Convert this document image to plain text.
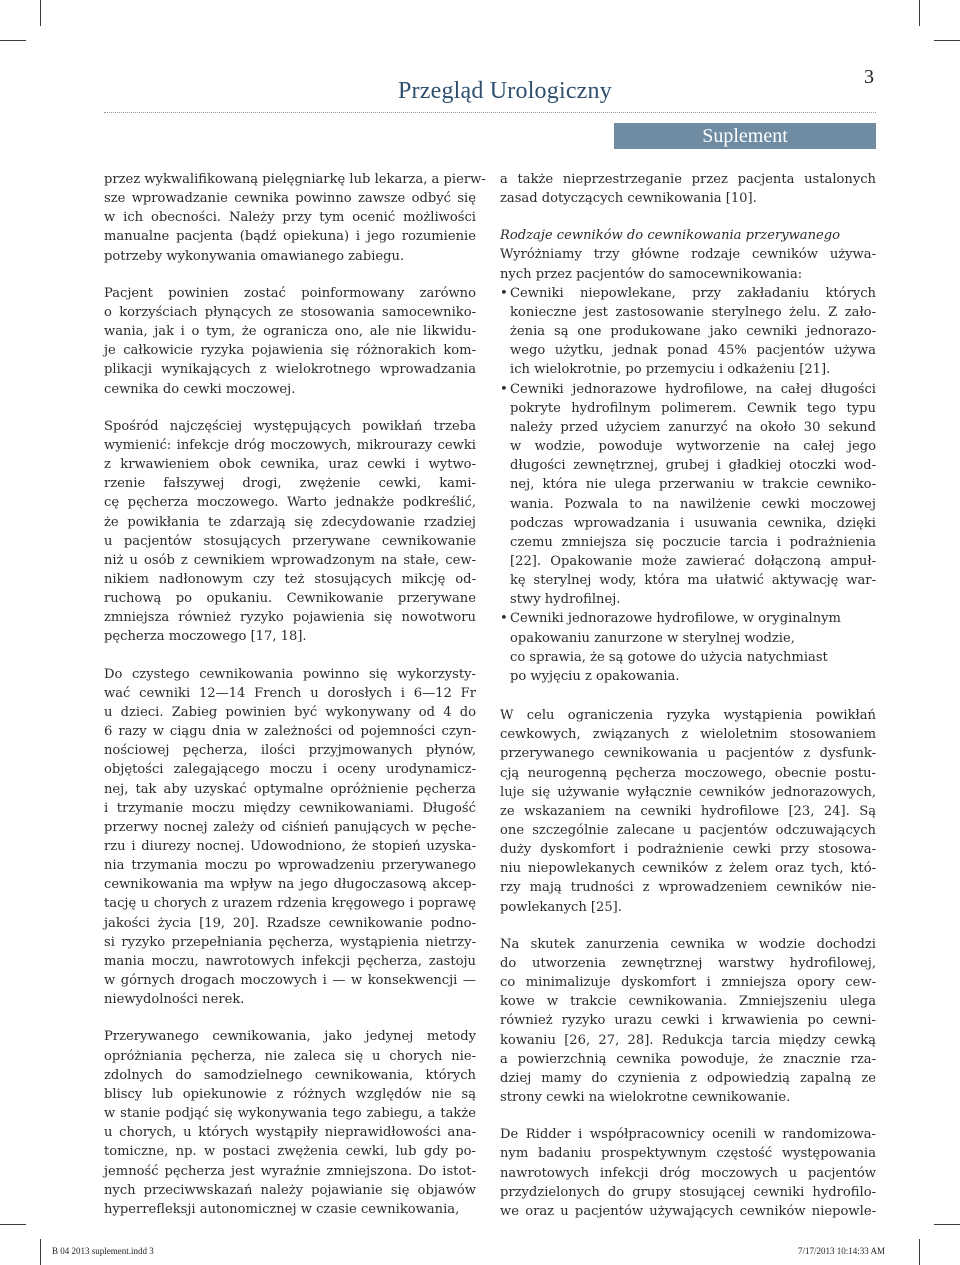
Przegląd Urologiczny
3
Suplement

przez wykwalifikowaną pielęgniarkę lub lekarza, a pierw-
sze wprowadzanie cewnika powinno zawsze odbyć się
w ich obecności. Należy przy tym ocenić możliwości
manualne pacjenta (bądź opiekuna) i jego rozumienie
potrzeby wykonywania omawianego zabiegu.

Pacjent powinien zostać poinformowany zarówno
o korzyściach płynących ze stosowania samocewniko-
wania, jak i o tym, że ogranicza ono, ale nie likwidu-
je całkowicie ryzyka pojawienia się różnorakich kom-
plikacji wynikających z wielokrotnego wprowadzania
cewnika do cewki moczowej.

Spośród najczęściej występujących powikłań trzeba
wymienić: infekcje dróg moczowych, mikrourazy cewki
z krwawieniem obok cewnika, uraz cewki i wytwo-
rzenie fałszywej drogi, zwężenie cewki, kami-
cę pęcherza moczowego. Warto jednakże podkreślić,
że powikłania te zdarzają się zdecydowanie rzadziej
u pacjentów stosujących przerywane cewnikowanie
niż u osób z cewnikiem wprowadzonym na stałe, cew-
nikiem nadłonowym czy też stosujących mikcję od-
ruchową po opukaniu. Cewnikowanie przerywane
zmniejsza również ryzyko pojawienia się nowotworu
pęcherza moczowego [17, 18].

Do czystego cewnikowania powinno się wykorzysty-
wać cewniki 12—14 French u dorosłych i 6—12 Fr
u dzieci. Zabieg powinien być wykonywany od 4 do
6 razy w ciągu dnia w zależności od pojemności czyn-
nościowej pęcherza, ilości przyjmowanych płynów,
objętości zalegającego moczu i oceny urodynamicz-
nej, tak aby uzyskać optymalne opróżnienie pęcherza
i trzymanie moczu między cewnikowaniami. Długość
przerwy nocnej zależy od ciśnień panujących w pęche-
rzu i diurezy nocnej. Udowodniono, że stopień uzyska-
nia trzymania moczu po wprowadzeniu przerywanego
cewnikowania ma wpływ na jego długoczasową akcep-
tację u chorych z urazem rdzenia kręgowego i poprawę
jakości życia [19, 20]. Rzadsze cewnikowanie podno-
si ryzyko przepełniania pęcherza, wystąpienia nietrzy-
mania moczu, nawrotowych infekcji pęcherza, zastoju
w górnych drogach moczowych i — w konsekwencji —
niewydolności nerek.

Przerywanego cewnikowania, jako jedynej metody
opróżniania pęcherza, nie zaleca się u chorych nie-
zdolnych do samodzielnego cewnikowania, których
bliscy lub opiekunowie z różnych względów nie są
w stanie podjąć się wykonywania tego zabiegu, a także
u chorych, u których wystąpiły nieprawidłowości ana-
tomiczne, np. w postaci zwężenia cewki, lub gdy po-
jemność pęcherza jest wyraźnie zmniejszona. Do istot-
nych przeciwwskazań należy pojawianie się objawów
hyperrefleksji autonomicznej w czasie cewnikowania,

a także nieprzestrzeganie przez pacjenta ustalonych
zasad dotyczących cewnikowania [10].

Rodzaje cewników do cewnikowania przerywanego

Wyróżniamy trzy główne rodzaje cewników używa-
nych przez pacjentów do samocewnikowania:

• Cewniki niepowlekane, przy zakładaniu których
konieczne jest zastosowanie sterylnego żelu. Z zało-
żenia są one produkowane jako cewniki jednorazo-
wego użytku, jednak ponad 45% pacjentów używa
ich wielokrotnie, po przemyciu i odkażeniu [21].
• Cewniki jednorazowe hydrofilowe, na całej długości
pokryte hydrofilnym polimerem. Cewnik tego typu
należy przed użyciem zanurzyć na około 30 sekund
w wodzie, powoduje wytworzenie na całej jego
długości zewnętrznej, grubej i gładkiej otoczki wod-
nej, która nie ulega przerwaniu w trakcie cewniko-
wania. Pozwala to na nawilżenie cewki moczowej
podczas wprowadzania i usuwania cewnika, dzięki
czemu zmniejsza się poczucie tarcia i podrażnienia
[22]. Opakowanie może zawierać dołączoną ampuł-
kę sterylnej wody, która ma ułatwić aktywację war-
stwy hydrofilnej.
• Cewniki jednorazowe hydrofilowe, w oryginalnym
opakowaniu zanurzone w sterylnej wodzie,
co sprawia, że są gotowe do użycia natychmiast
po wyjęciu z opakowania.

W celu ograniczenia ryzyka wystąpienia powikłań
cewkowych, związanych z wieloletnim stosowaniem
przerywanego cewnikowania u pacjentów z dysfunk-
cją neurogenną pęcherza moczowego, obecnie postu-
luje się używanie wyłącznie cewników jednorazowych,
ze wskazaniem na cewniki hydrofilowe [23, 24]. Są
one szczególnie zalecane u pacjentów odczuwających
duży dyskomfort i podrażnienie cewki przy stosowa-
niu niepowlekanych cewników z żelem oraz tych, któ-
rzy mają trudności z wprowadzeniem cewników nie-
powlekanych [25].

Na skutek zanurzenia cewnika w wodzie dochodzi
do utworzenia zewnętrznej warstwy hydrofilowej,
co minimalizuje dyskomfort i zmniejsza opory cew-
kowe w trakcie cewnikowania. Zmniejszeniu ulega
również ryzyko urazu cewki i krwawienia po cewni-
kowaniu [26, 27, 28]. Redukcja tarcia między cewką
a powierzchnią cewnika powoduje, że znacznie rza-
dziej mamy do czynienia z odpowiedzią zapalną ze
strony cewki na wielokrotne cewnikowanie.

De Ridder i współpracownicy ocenili w randomizowa-
nym badaniu prospektywnym częstość występowania
nawrotowych infekcji dróg moczowych u pacjentów
przydzielonych do grupy stosującej cewniki hydrofilo-
we oraz u pacjentów używających cewników niepowle-

B 04 2013 suplement.indd 3	7/17/2013 10:14:33 AM
